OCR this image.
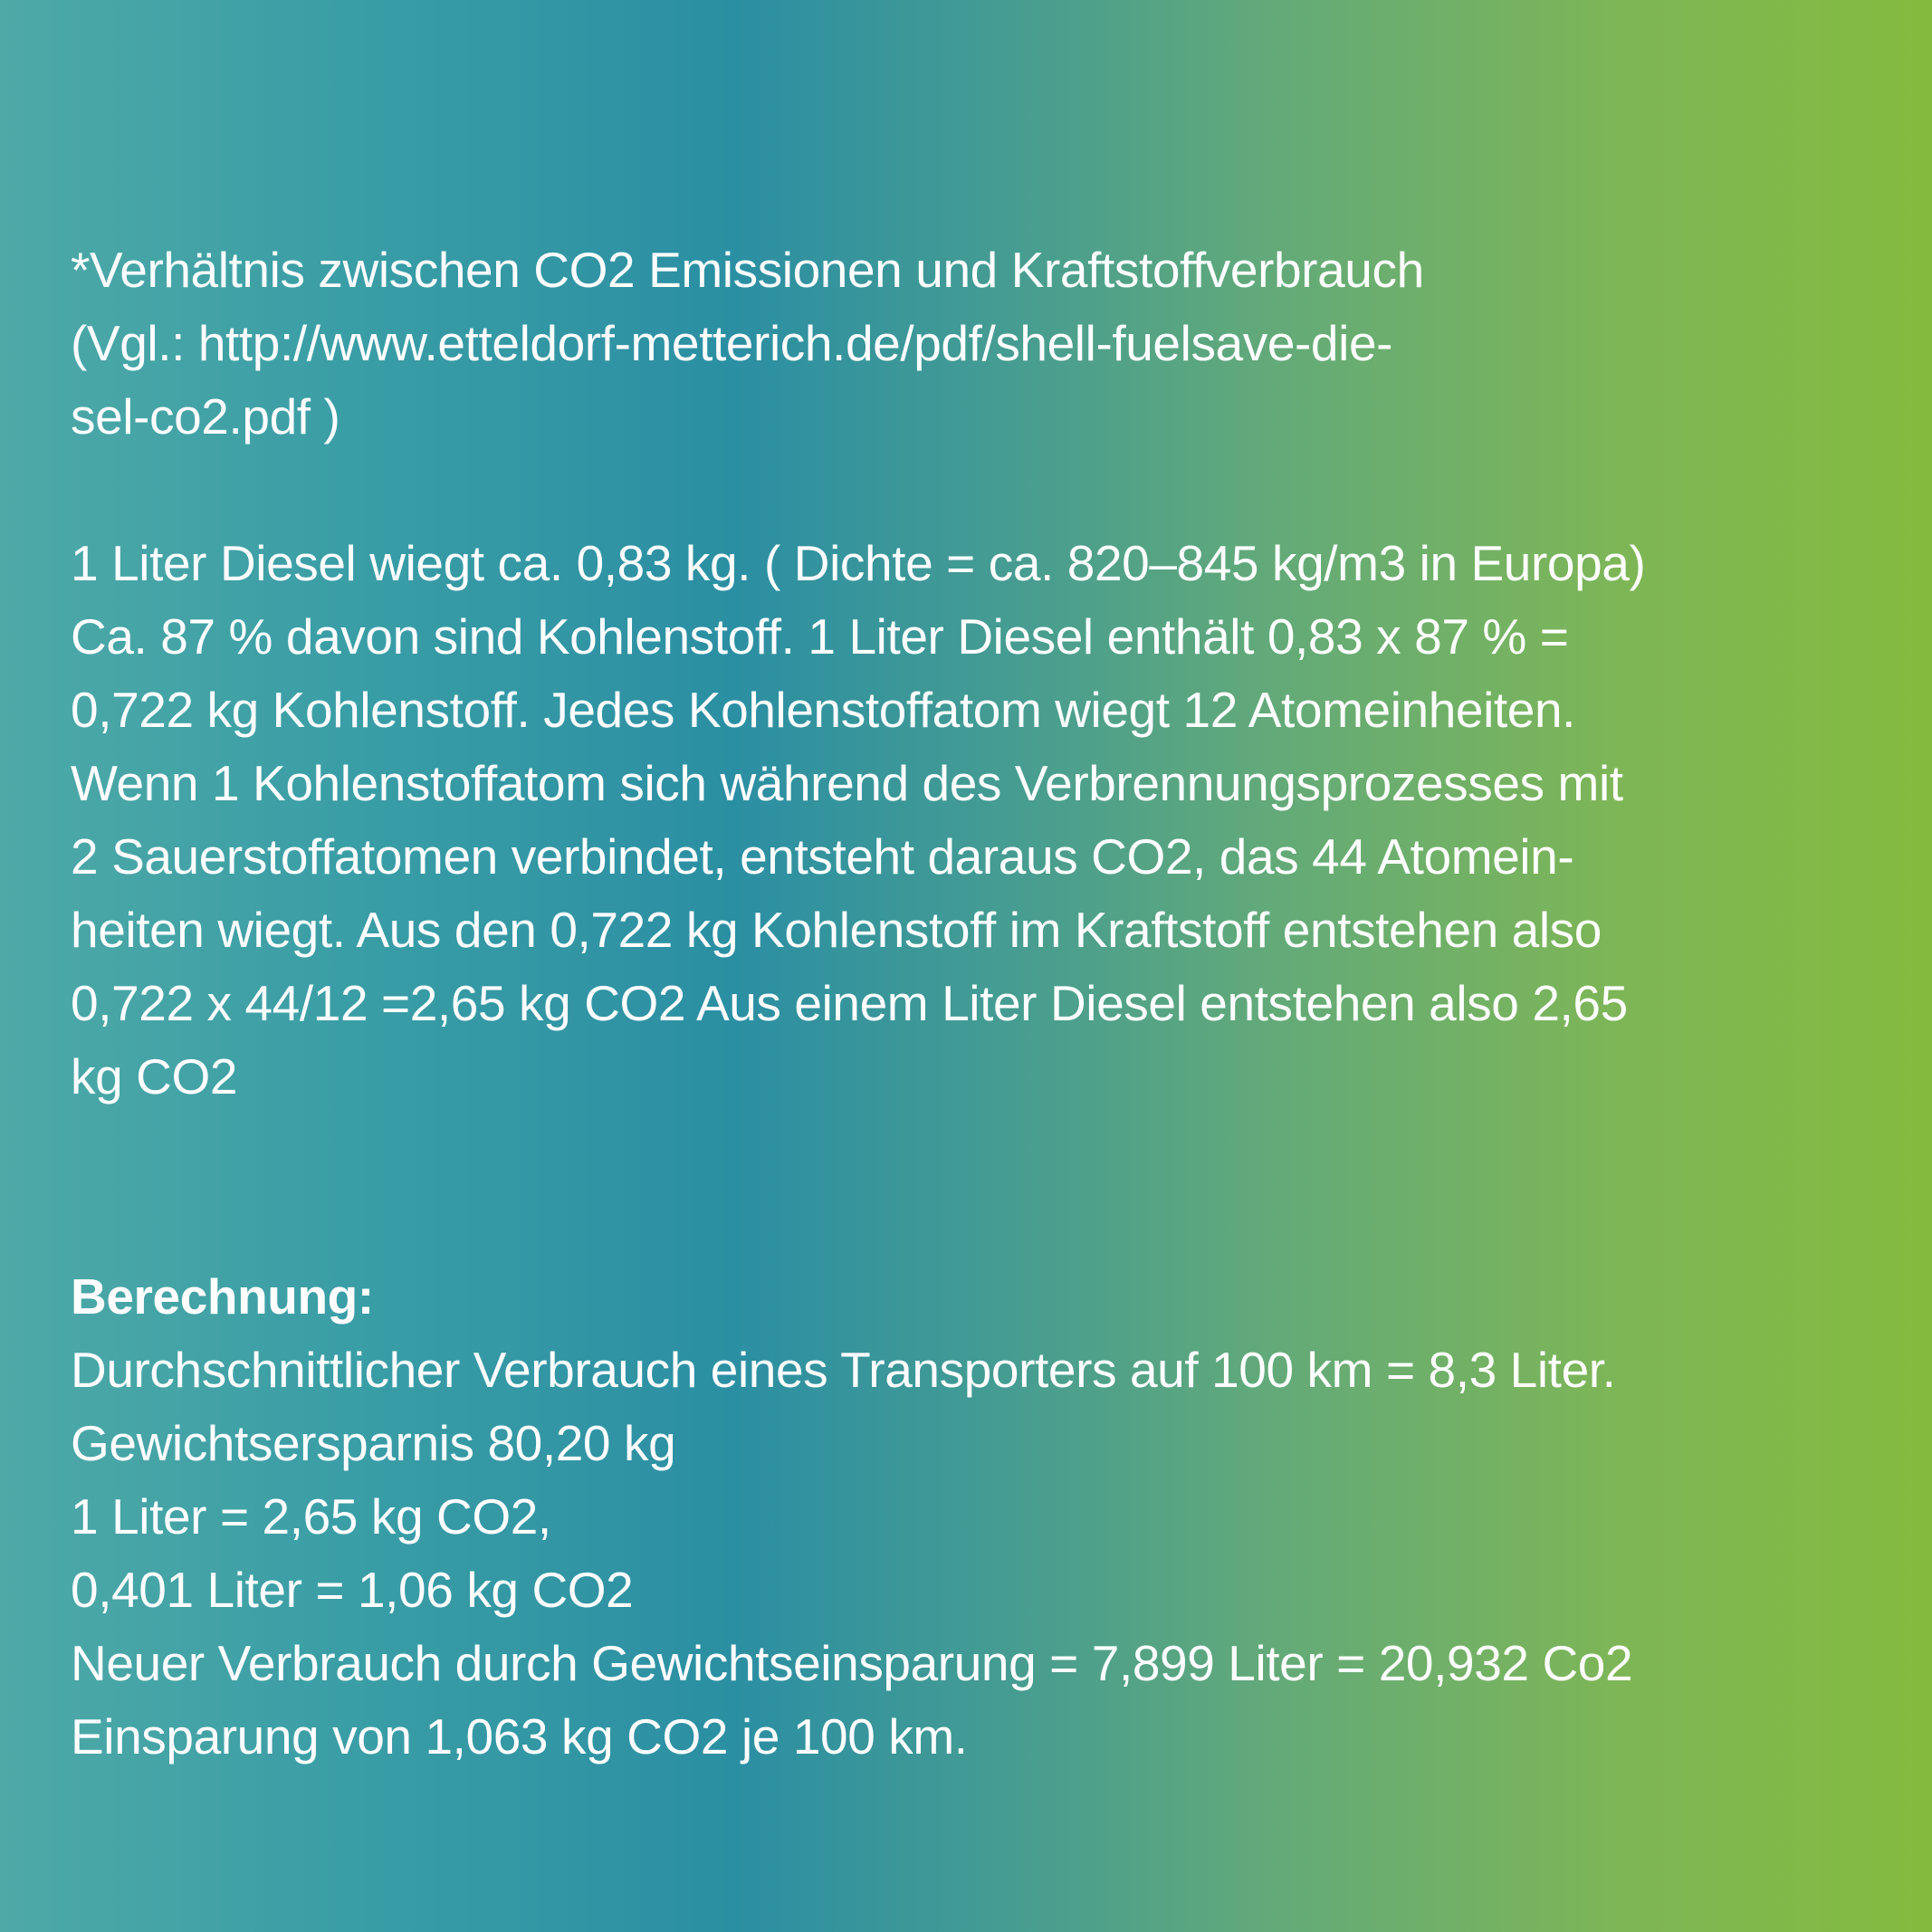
*Verhältnis zwischen CO2 Emissionen und Kraftstoffverbrauch
(Vgl.: http://www.etteldorf-metterich.de/pdf/shell-fuelsave-die-
sel-co2.pdf )
1 Liter Diesel wiegt ca. 0,83 kg. ( Dichte = ca. 820–845 kg/m3 in Europa)
Ca. 87 % davon sind Kohlenstoff. 1 Liter Diesel enthält 0,83 x 87 % =
0,722 kg Kohlenstoff. Jedes Kohlenstoffatom wiegt 12 Atomeinheiten.
Wenn 1 Kohlenstoffatom sich während des Verbrennungsprozesses mit
2 Sauerstoffatomen verbindet, entsteht daraus CO2, das 44 Atomein-
heiten wiegt. Aus den 0,722 kg Kohlenstoff im Kraftstoff entstehen also
0,722 x 44/12 =2,65 kg CO2 Aus einem Liter Diesel entstehen also 2,65
kg CO2
Berechnung:
Durchschnittlicher Verbrauch eines Transporters auf 100 km = 8,3 Liter.
Gewichtsersparnis 80,20 kg
1 Liter = 2,65 kg CO2,
0,401 Liter = 1,06 kg CO2
Neuer Verbrauch durch Gewichtseinsparung = 7,899 Liter = 20,932 Co2
Einsparung von 1,063 kg CO2 je 100 km.
